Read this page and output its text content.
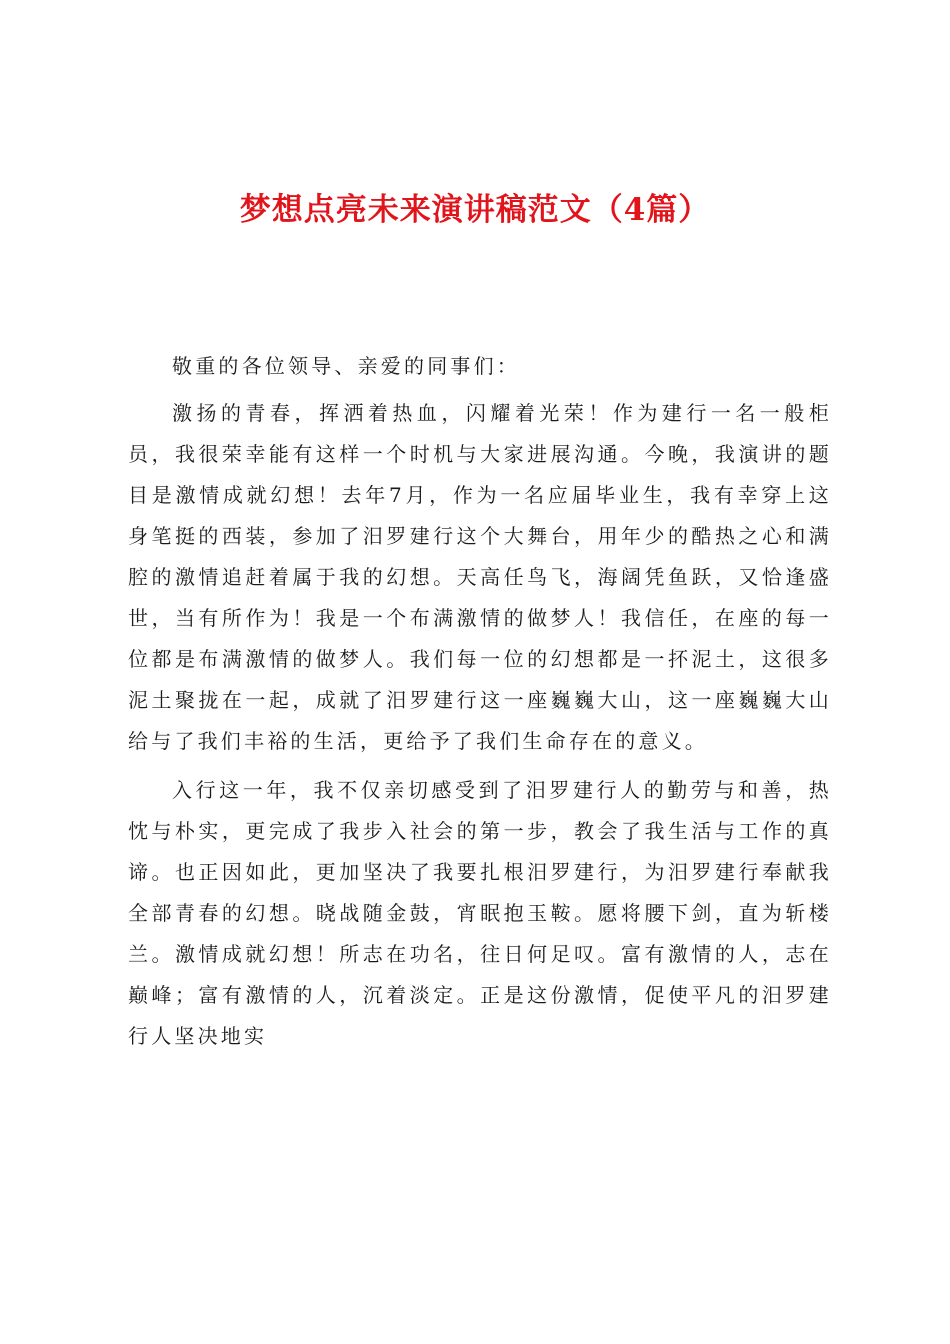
梦想点亮未来演讲稿范文（4篇）

敬重的各位领导、亲爱的同事们：

激扬的青春，挥洒着热血，闪耀着光荣！作为建行一名一般柜员，我很荣幸能有这样一个时机与大家进展沟通。今晚，我演讲的题目是激情成就幻想！去年7月，作为一名应届毕业生，我有幸穿上这身笔挺的西装，参加了汨罗建行这个大舞台，用年少的酷热之心和满腔的激情追赶着属于我的幻想。天高任鸟飞，海阔凭鱼跃，又恰逢盛世，当有所作为！我是一个布满激情的做梦人！我信任，在座的每一位都是布满激情的做梦人。我们每一位的幻想都是一抔泥土，这很多泥土聚拢在一起，成就了汨罗建行这一座巍巍大山，这一座巍巍大山给与了我们丰裕的生活，更给予了我们生命存在的意义。

入行这一年，我不仅亲切感受到了汨罗建行人的勤劳与和善，热忱与朴实，更完成了我步入社会的第一步，教会了我生活与工作的真谛。也正因如此，更加坚决了我要扎根汨罗建行，为汨罗建行奉献我全部青春的幻想。晓战随金鼓，宵眠抱玉鞍。愿将腰下剑，直为斩楼兰。激情成就幻想！所志在功名，往日何足叹。富有激情的人，志在巅峰；富有激情的人，沉着淡定。正是这份激情，促使平凡的汨罗建行人坚决地实
